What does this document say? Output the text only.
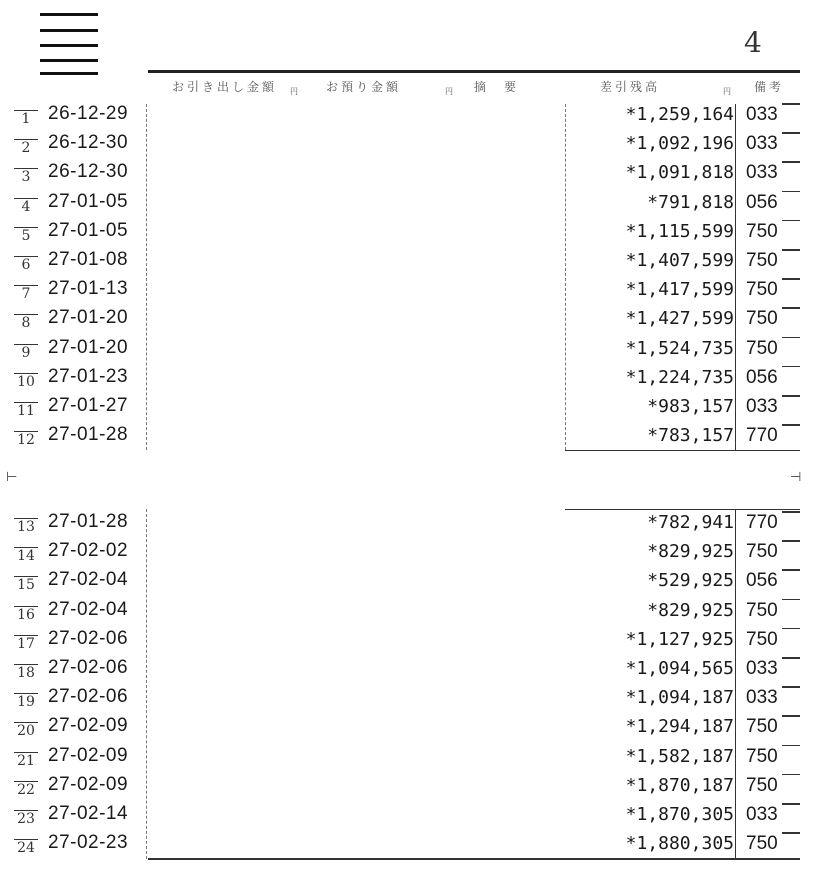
4
お引き出し金額 円 お預り金額	円 摘　要	差引残高	円 備考
1 26-12-29	*1,259,164 033
2 26-12-30	*1,092,196 033
3 26-12-30	*1,091,818 033
4 27-01-05	*791,818 056
5 27-01-05	*1,115,599 750
6 27-01-08	*1,407,599 750
7 27-01-13	*1,417,599 750
8 27-01-20	*1,427,599 750
9 27-01-20	*1,524,735 750
10 27-01-23	*1,224,735 056
11 27-01-27	*983,157 033
12 27-01-28	*783,157 770
⊢	⊣
13 27-01-28	*782,941 770
14 27-02-02	*829,925 750
15 27-02-04	*529,925 056
16 27-02-04	*829,925 750
17 27-02-06	*1,127,925 750
18 27-02-06	*1,094,565 033
19 27-02-06	*1,094,187 033
20 27-02-09	*1,294,187 750
21 27-02-09	*1,582,187 750
22 27-02-09	*1,870,187 750
23 27-02-14	*1,870,305 033
24 27-02-23	*1,880,305 750
